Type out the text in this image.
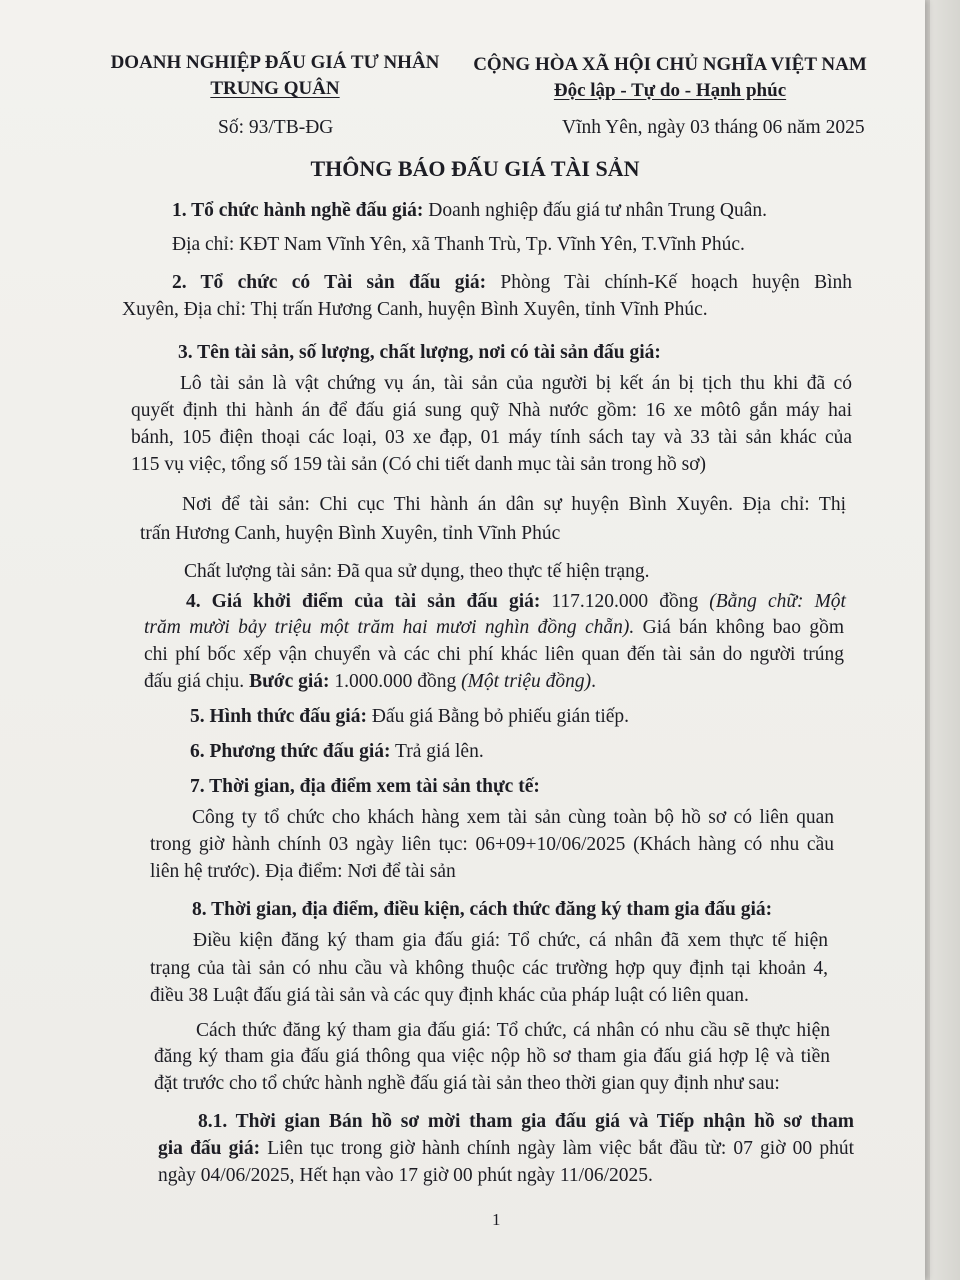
DOANH NGHIỆP ĐẤU GIÁ TƯ NHÂN
TRUNG QUÂN
CỘNG HÒA XÃ HỘI CHỦ NGHĨA VIỆT NAM
Độc lập - Tự do - Hạnh phúc
Số: 93/TB-ĐG	Vĩnh Yên, ngày 03 tháng 06 năm 2025
THÔNG BÁO ĐẤU GIÁ TÀI SẢN
1. Tổ chức hành nghề đấu giá: Doanh nghiệp đấu giá tư nhân Trung Quân.
Địa chỉ: KĐT Nam Vĩnh Yên, xã Thanh Trù, Tp. Vĩnh Yên, T.Vĩnh Phúc.
2. Tổ chức có Tài sản đấu giá: Phòng Tài chính-Kế hoạch huyện Bình
Xuyên, Địa chỉ: Thị trấn Hương Canh, huyện Bình Xuyên, tỉnh Vĩnh Phúc.
3. Tên tài sản, số lượng, chất lượng, nơi có tài sản đấu giá:
Lô tài sản là vật chứng vụ án, tài sản của người bị kết án bị tịch thu khi đã có
quyết định thi hành án để đấu giá sung quỹ Nhà nước gồm: 16 xe môtô gắn máy hai
bánh, 105 điện thoại các loại, 03 xe đạp, 01 máy tính sách tay và 33 tài sản khác của
115 vụ việc, tổng số 159 tài sản (Có chi tiết danh mục tài sản trong hồ sơ)
Nơi để tài sản: Chi cục Thi hành án dân sự huyện Bình Xuyên. Địa chỉ: Thị
trấn Hương Canh, huyện Bình Xuyên, tỉnh Vĩnh Phúc
Chất lượng tài sản: Đã qua sử dụng, theo thực tế hiện trạng.
4. Giá khởi điểm của tài sản đấu giá: 117.120.000 đồng (Bằng chữ: Một
trăm mười bảy triệu một trăm hai mươi nghìn đồng chẵn). Giá bán không bao gồm
chi phí bốc xếp vận chuyển và các chi phí khác liên quan đến tài sản do người trúng
đấu giá chịu. Bước giá: 1.000.000 đồng (Một triệu đồng).
5. Hình thức đấu giá: Đấu giá Bằng bỏ phiếu gián tiếp.
6. Phương thức đấu giá: Trả giá lên.
7. Thời gian, địa điểm xem tài sản thực tế:
Công ty tổ chức cho khách hàng xem tài sản cùng toàn bộ hồ sơ có liên quan
trong giờ hành chính 03 ngày liên tục: 06+09+10/06/2025 (Khách hàng có nhu cầu
liên hệ trước). Địa điểm: Nơi để tài sản
8. Thời gian, địa điểm, điều kiện, cách thức đăng ký tham gia đấu giá:
Điều kiện đăng ký tham gia đấu giá: Tổ chức, cá nhân đã xem thực tế hiện
trạng của tài sản có nhu cầu và không thuộc các trường hợp quy định tại khoản 4,
điều 38 Luật đấu giá tài sản và các quy định khác của pháp luật có liên quan.
Cách thức đăng ký tham gia đấu giá: Tổ chức, cá nhân có nhu cầu sẽ thực hiện
đăng ký tham gia đấu giá thông qua việc nộp hồ sơ tham gia đấu giá hợp lệ và tiền
đặt trước cho tổ chức hành nghề đấu giá tài sản theo thời gian quy định như sau:
8.1. Thời gian Bán hồ sơ mời tham gia đấu giá và Tiếp nhận hồ sơ tham
gia đấu giá: Liên tục trong giờ hành chính ngày làm việc bắt đầu từ: 07 giờ 00 phút
ngày 04/06/2025, Hết hạn vào 17 giờ 00 phút ngày 11/06/2025.
1
